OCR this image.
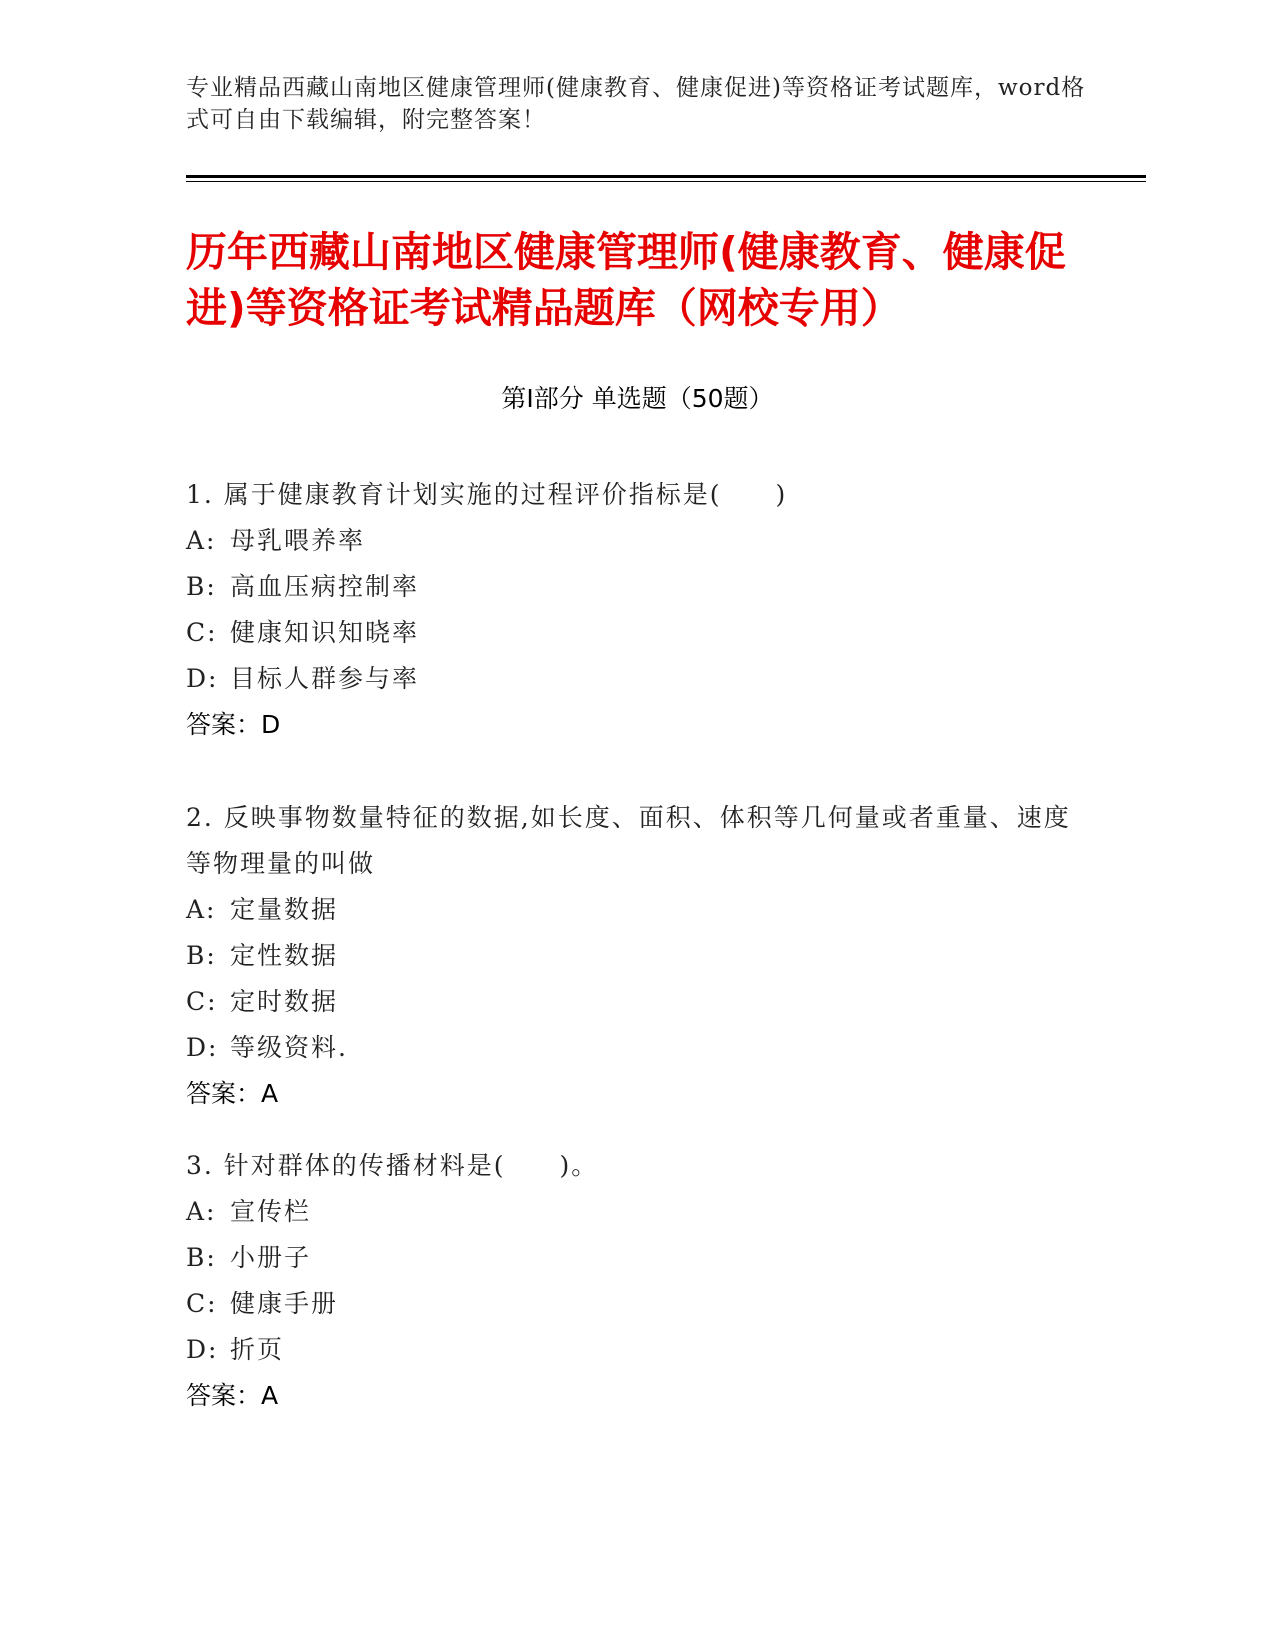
专业精品西藏山南地区健康管理师(健康教育、健康促进)等资格证考试题库，word格式可自由下载编辑，附完整答案！
历年西藏山南地区健康管理师(健康教育、健康促进)等资格证考试精品题库（网校专用）
第Ⅰ部分 单选题（50题）
1. 属于健康教育计划实施的过程评价指标是(　　)
A: 母乳喂养率
B: 高血压病控制率
C: 健康知识知晓率
D: 目标人群参与率
答案：D
2. 反映事物数量特征的数据,如长度、面积、体积等几何量或者重量、速度等物理量的叫做
A: 定量数据
B: 定性数据
C: 定时数据
D: 等级资料.
答案：A
3. 针对群体的传播材料是(　　)。
A: 宣传栏
B: 小册子
C: 健康手册
D: 折页
答案：A
